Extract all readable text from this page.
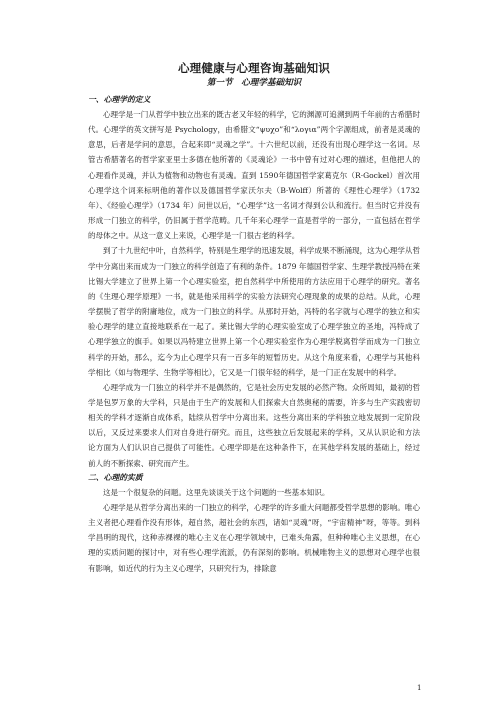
心理健康与心理咨询基础知识
第一节　心理学基础知识
一、心理学的定义

心理学是一门从哲学中独立出来的既古老又年轻的科学，它的渊源可追溯到两千年前的古希腊时代。心理学的英文拼写是 Psychology，由希腊文“ψυχo”和“λογια”两个字源组成，前者是灵魂的意思，后者是学问的意思，合起来即“灵魂之学”。十六世纪以前，还没有出现心理学这一名词。尽管古希腊著名的哲学家亚里士多德在他所著的《灵魂论》一书中曾有过对心理的描述，但他把人的心理看作灵魂，并认为植物和动物也有灵魂。直到 1590年德国哲学家葛克尔（R·Gockel）首次用心理学这个词来标明他的著作以及德国哲学家沃尔夫（B·Wolff）所著的《理性心理学》（1732 年）、《经验心理学》（1734 年）问世以后，“心理学”这一名词才得到公认和流行。但当时它并没有形成一门独立的科学，仍旧属于哲学范畴。几千年来心理学一直是哲学的一部分，一直包括在哲学的母体之中。从这一意义上来说，心理学是一门很古老的科学。

到了十九世纪中叶，自然科学，特别是生理学的迅速发展，科学成果不断涌现，这为心理学从哲学中分离出来而成为一门独立的科学创造了有利的条件。1879 年德国哲学家、生理学教授冯特在莱比锡大学建立了世界上第一个心理实验室，把自然科学中所使用的方法应用于心理学的研究。著名的《生理心理学原理》一书，就是他采用科学的实验方法研究心理现象的成果的总结。从此，心理学摆脱了哲学的附庸地位，成为一门独立的科学。从那时开始，冯特的名字就与心理学的独立和实验心理学的建立直接地联系在一起了。莱比锡大学的心理实验室成了心理学独立的圣地，冯特成了心理学独立的旗手。如果以冯特建立世界上第一个心理实验室作为心理学脱离哲学而成为一门独立科学的开始，那么，迄今为止心理学只有一百多年的短暂历史。从这个角度来看，心理学与其他科学相比（如与物理学、生物学等相比），它又是一门很年轻的科学，是一门正在发展中的科学。

心理学成为一门独立的科学并不是偶然的，它是社会历史发展的必然产物。众所周知，最初的哲学是包罗万象的大学科，只是由于生产的发展和人们探索大自然奥秘的需要，许多与生产实践密切相关的学科才逐渐自成体系，陆续从哲学中分离出来。这些分离出来的学科独立地发展到一定阶段以后，又反过来要求人们对自身进行研究。而且，这些独立后发展起来的学科，又从认识论和方法论方面为人们认识自己提供了可能性。心理学即是在这种条件下，在其他学科发展的基础上，经过前人的不断探索、研究而产生。

二、心理的实质

这是一个很复杂的问题。这里先谈谈关于这个问题的一些基本知识。

心理学是从哲学分离出来的一门独立的科学，心理学的许多重大问题都受哲学思想的影响。唯心主义者把心理看作没有形体，超自然，超社会的东西，诸如“灵魂”呀，“宇宙精神”呀，等等。到科学昌明的现代，这种赤裸裸的唯心主义在心理学领域中，已难头角露，但种种唯心主义思想，在心理的实质问题的探讨中，对有些心理学流派，仍有深刻的影响。机械唯物主义的思想对心理学也很有影响，如近代的行为主义心理学，只研究行为，排除意

1
